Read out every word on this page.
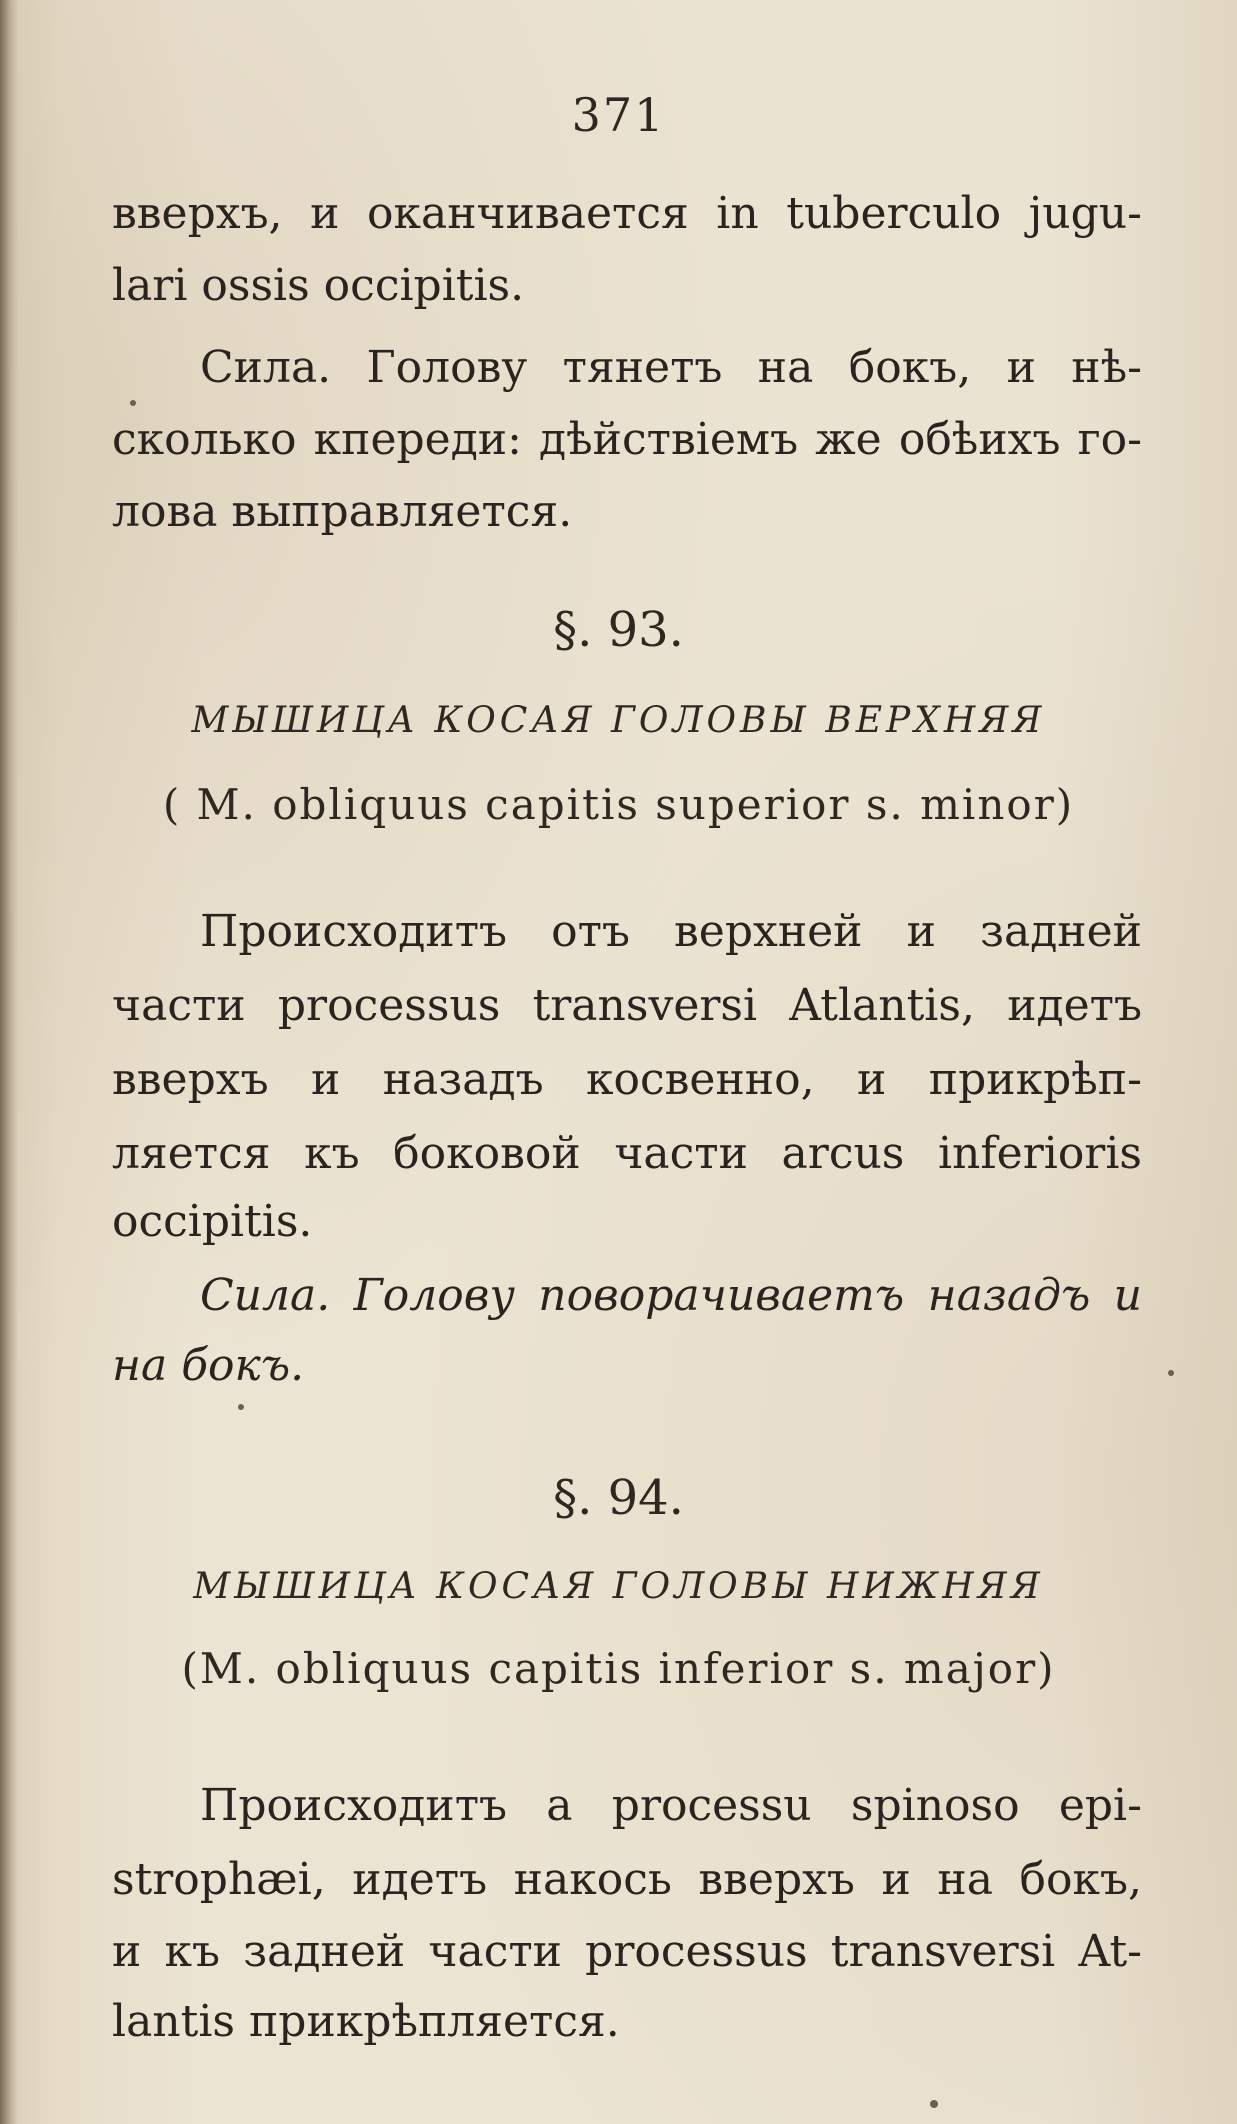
371
вверхъ, и оканчивается in tuberculo jugu-
lari ossis occipitis.
Сила. Голову тянетъ на бокъ, и нѣ-
сколько кпереди: дѣйствіемъ же обѣихъ го-
лова выправляется.
§. 93.
МЫШИЦА КОСАЯ ГОЛОВЫ ВЕРХНЯЯ
( M. obliquus capitis superior s. minor)
Происходитъ отъ верхней и задней
части processus transversi Atlantis, идетъ
вверхъ и назадъ косвенно, и прикрѣп-
ляется къ боковой части arcus inferioris
occipitis.
Сила. Голову поворачиваетъ назадъ и
на бокъ.
§. 94.
МЫШИЦА КОСАЯ ГОЛОВЫ НИЖНЯЯ
(M. obliquus capitis inferior s. major)
Происходитъ a processu spinoso epi-
strophæi, идетъ накось вверхъ и на бокъ,
и къ задней части processus transversi At-
lantis прикрѣпляется.
